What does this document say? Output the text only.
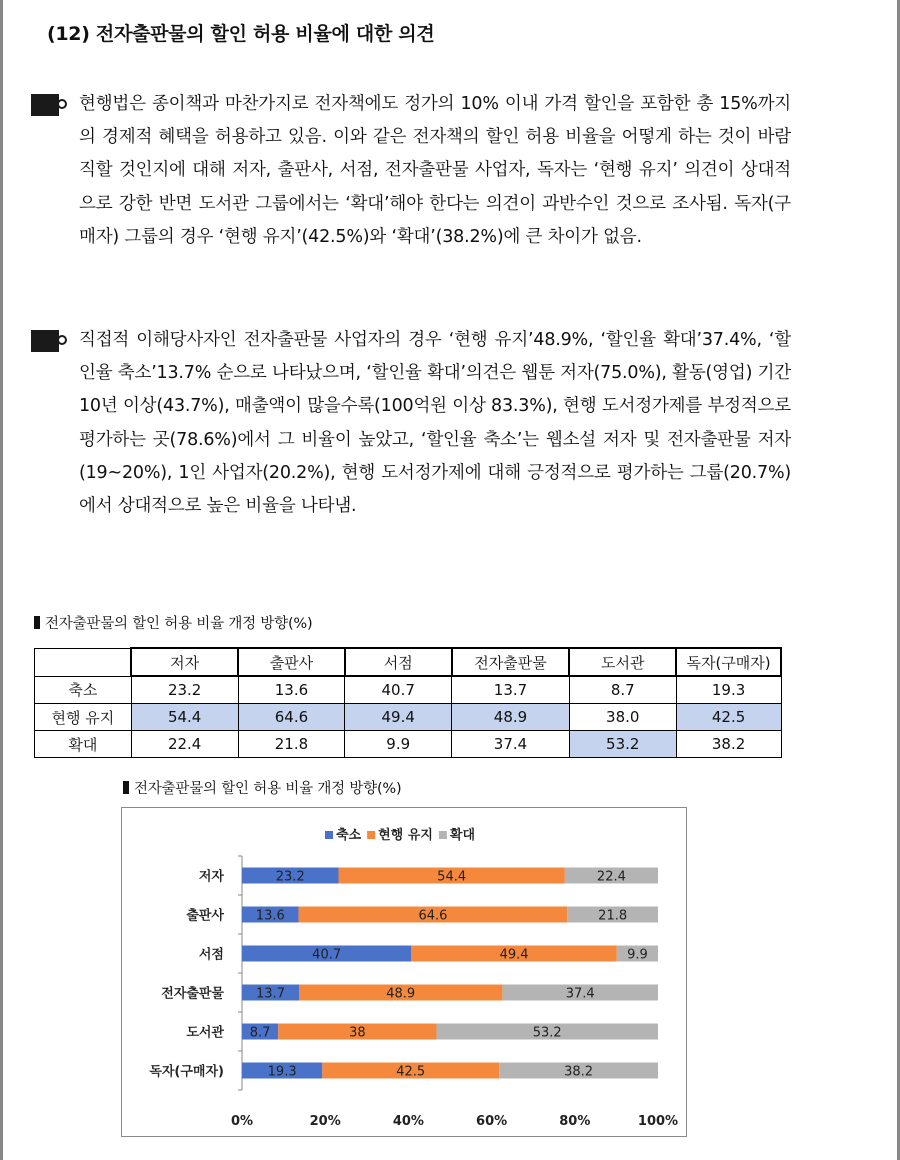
(12) 전자출판물의 할인 허용 비율에 대한 의견
현행법은 종이책과 마찬가지로 전자책에도 정가의 10% 이내 가격 할인을 포함한 총 15%까지의 경제적 혜택을 허용하고 있음. 이와 같은 전자책의 할인 허용 비율을 어떻게 하는 것이 바람직할 것인지에 대해 저자, 출판사, 서점, 전자출판물 사업자, 독자는 ‘현행 유지’ 의견이 상대적으로 강한 반면 도서관 그룹에서는 ‘확대’해야 한다는 의견이 과반수인 것으로 조사됨. 독자(구매자) 그룹의 경우 ‘현행 유지’(42.5%)와 ‘확대’(38.2%)에 큰 차이가 없음.
직접적 이해당사자인 전자출판물 사업자의 경우 ‘현행 유지’48.9%, ‘할인율 확대’37.4%, ‘할인율 축소’13.7% 순으로 나타났으며, ‘할인율 확대’의견은 웹툰 저자(75.0%), 활동(영업) 기간 10년 이상(43.7%), 매출액이 많을수록(100억원 이상 83.3%), 현행 도서정가제를 부정적으로 평가하는 곳(78.6%)에서 그 비율이 높았고, ‘할인율 축소’는 웹소설 저자 및 전자출판물 저자(19~20%), 1인 사업자(20.2%), 현행 도서정가제에 대해 긍정적으로 평가하는 그룹(20.7%)에서 상대적으로 높은 비율을 나타냄.
전자출판물의 할인 허용 비율 개정 방향(%)
	저자	출판사	서점	전자출판물	도서관	독자(구매자)
축소	23.2	13.6	40.7	13.7	8.7	19.3
현행 유지	54.4	64.6	49.4	48.9	38.0	42.5
확대	22.4	21.8	9.9	37.4	53.2	38.2
전자출판물의 할인 허용 비율 개정 방향(%)
저자	23.2	54.4	22.4
출판사 13.6	64.6	21.8
서점	40.7	49.4	9.9
전자출판물 13.7	48.9	37.4
도서관 8.7	38	53.2
독자(구매자)	19.3	42.5	38.2
0%	20%	40%	60%	80%	100%
축소 현행 유지 확대
